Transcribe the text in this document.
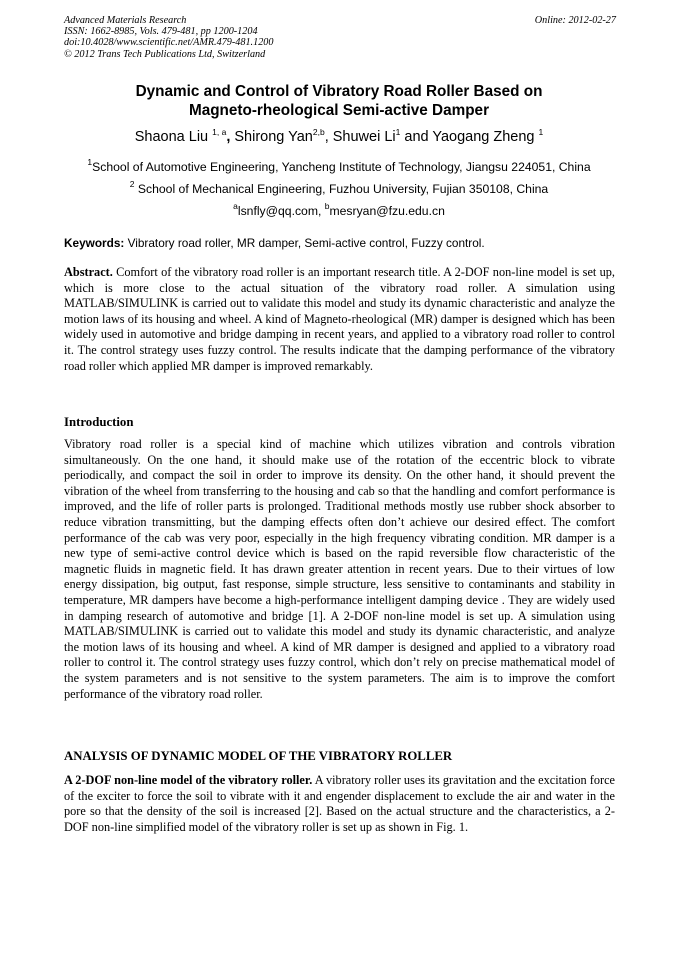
Advanced Materials Research
ISSN: 1662-8985, Vols. 479-481, pp 1200-1204
doi:10.4028/www.scientific.net/AMR.479-481.1200
© 2012 Trans Tech Publications Ltd, Switzerland
Online: 2012-02-27
Dynamic and Control of Vibratory Road Roller Based on
Magneto-rheological Semi-active Damper
Shaona Liu $^{1, a}$, Shirong Yan$^{2,b}$, Shuwei Li$^1$ and Yaogang Zheng $^1$
$^1$School of Automotive Engineering, Yancheng Institute of Technology, Jiangsu 224051, China
$^2$ School of Mechanical Engineering, Fuzhou University, Fujian 350108, China
$^a$lsnfly@qq.com, $^b$mesryan@fzu.edu.cn
Keywords: Vibratory road roller, MR damper, Semi-active control, Fuzzy control.
Abstract. Comfort of the vibratory road roller is an important research title. A 2-DOF non-line model is set up, which is more close to the actual situation of the vibratory road roller. A simulation using MATLAB/SIMULINK is carried out to validate this model and study its dynamic characteristic and analyze the motion laws of its housing and wheel. A kind of Magneto-rheological (MR) damper is designed which has been widely used in automotive and bridge damping in recent years, and applied to a vibratory road roller to control it. The control strategy uses fuzzy control. The results indicate that the damping performance of the vibratory road roller which applied MR damper is improved remarkably.
Introduction
Vibratory road roller is a special kind of machine which utilizes vibration and controls vibration simultaneously. On the one hand, it should make use of the rotation of the eccentric block to vibrate periodically, and compact the soil in order to improve its density. On the other hand, it should prevent the vibration of the wheel from transferring to the housing and cab so that the handling and comfort performance is improved, and the life of roller parts is prolonged. Traditional methods mostly use rubber shock absorber to reduce vibration transmitting, but the damping effects often don’t achieve our desired effect. The comfort performance of the cab was very poor, especially in the high frequency vibrating condition. MR damper is a new type of semi-active control device which is based on the rapid reversible flow characteristic of the magnetic fluids in magnetic field. It has drawn greater attention in recent years. Due to their virtues of low energy dissipation, big output, fast response, simple structure, less sensitive to contaminants and stability in temperature, MR dampers have become a high-performance intelligent damping device . They are widely used in damping research of automotive and bridge [1]. A 2-DOF non-line model is set up. A simulation using MATLAB/SIMULINK is carried out to validate this model and study its dynamic characteristic, and analyze the motion laws of its housing and wheel. A kind of MR damper is designed and applied to a vibratory road roller to control it. The control strategy uses fuzzy control, which don’t rely on precise mathematical model of the system parameters and is not sensitive to the system parameters. The aim is to improve the comfort performance of the vibratory road roller.
ANALYSIS OF DYNAMIC MODEL OF THE VIBRATORY ROLLER
A 2-DOF non-line model of the vibratory roller. A vibratory roller uses its gravitation and the excitation force of the exciter to force the soil to vibrate with it and engender displacement to exclude the air and water in the pore so that the density of the soil is increased [2]. Based on the actual structure and the characteristics, a 2-DOF non-line simplified model of the vibratory roller is set up as shown in Fig. 1.
